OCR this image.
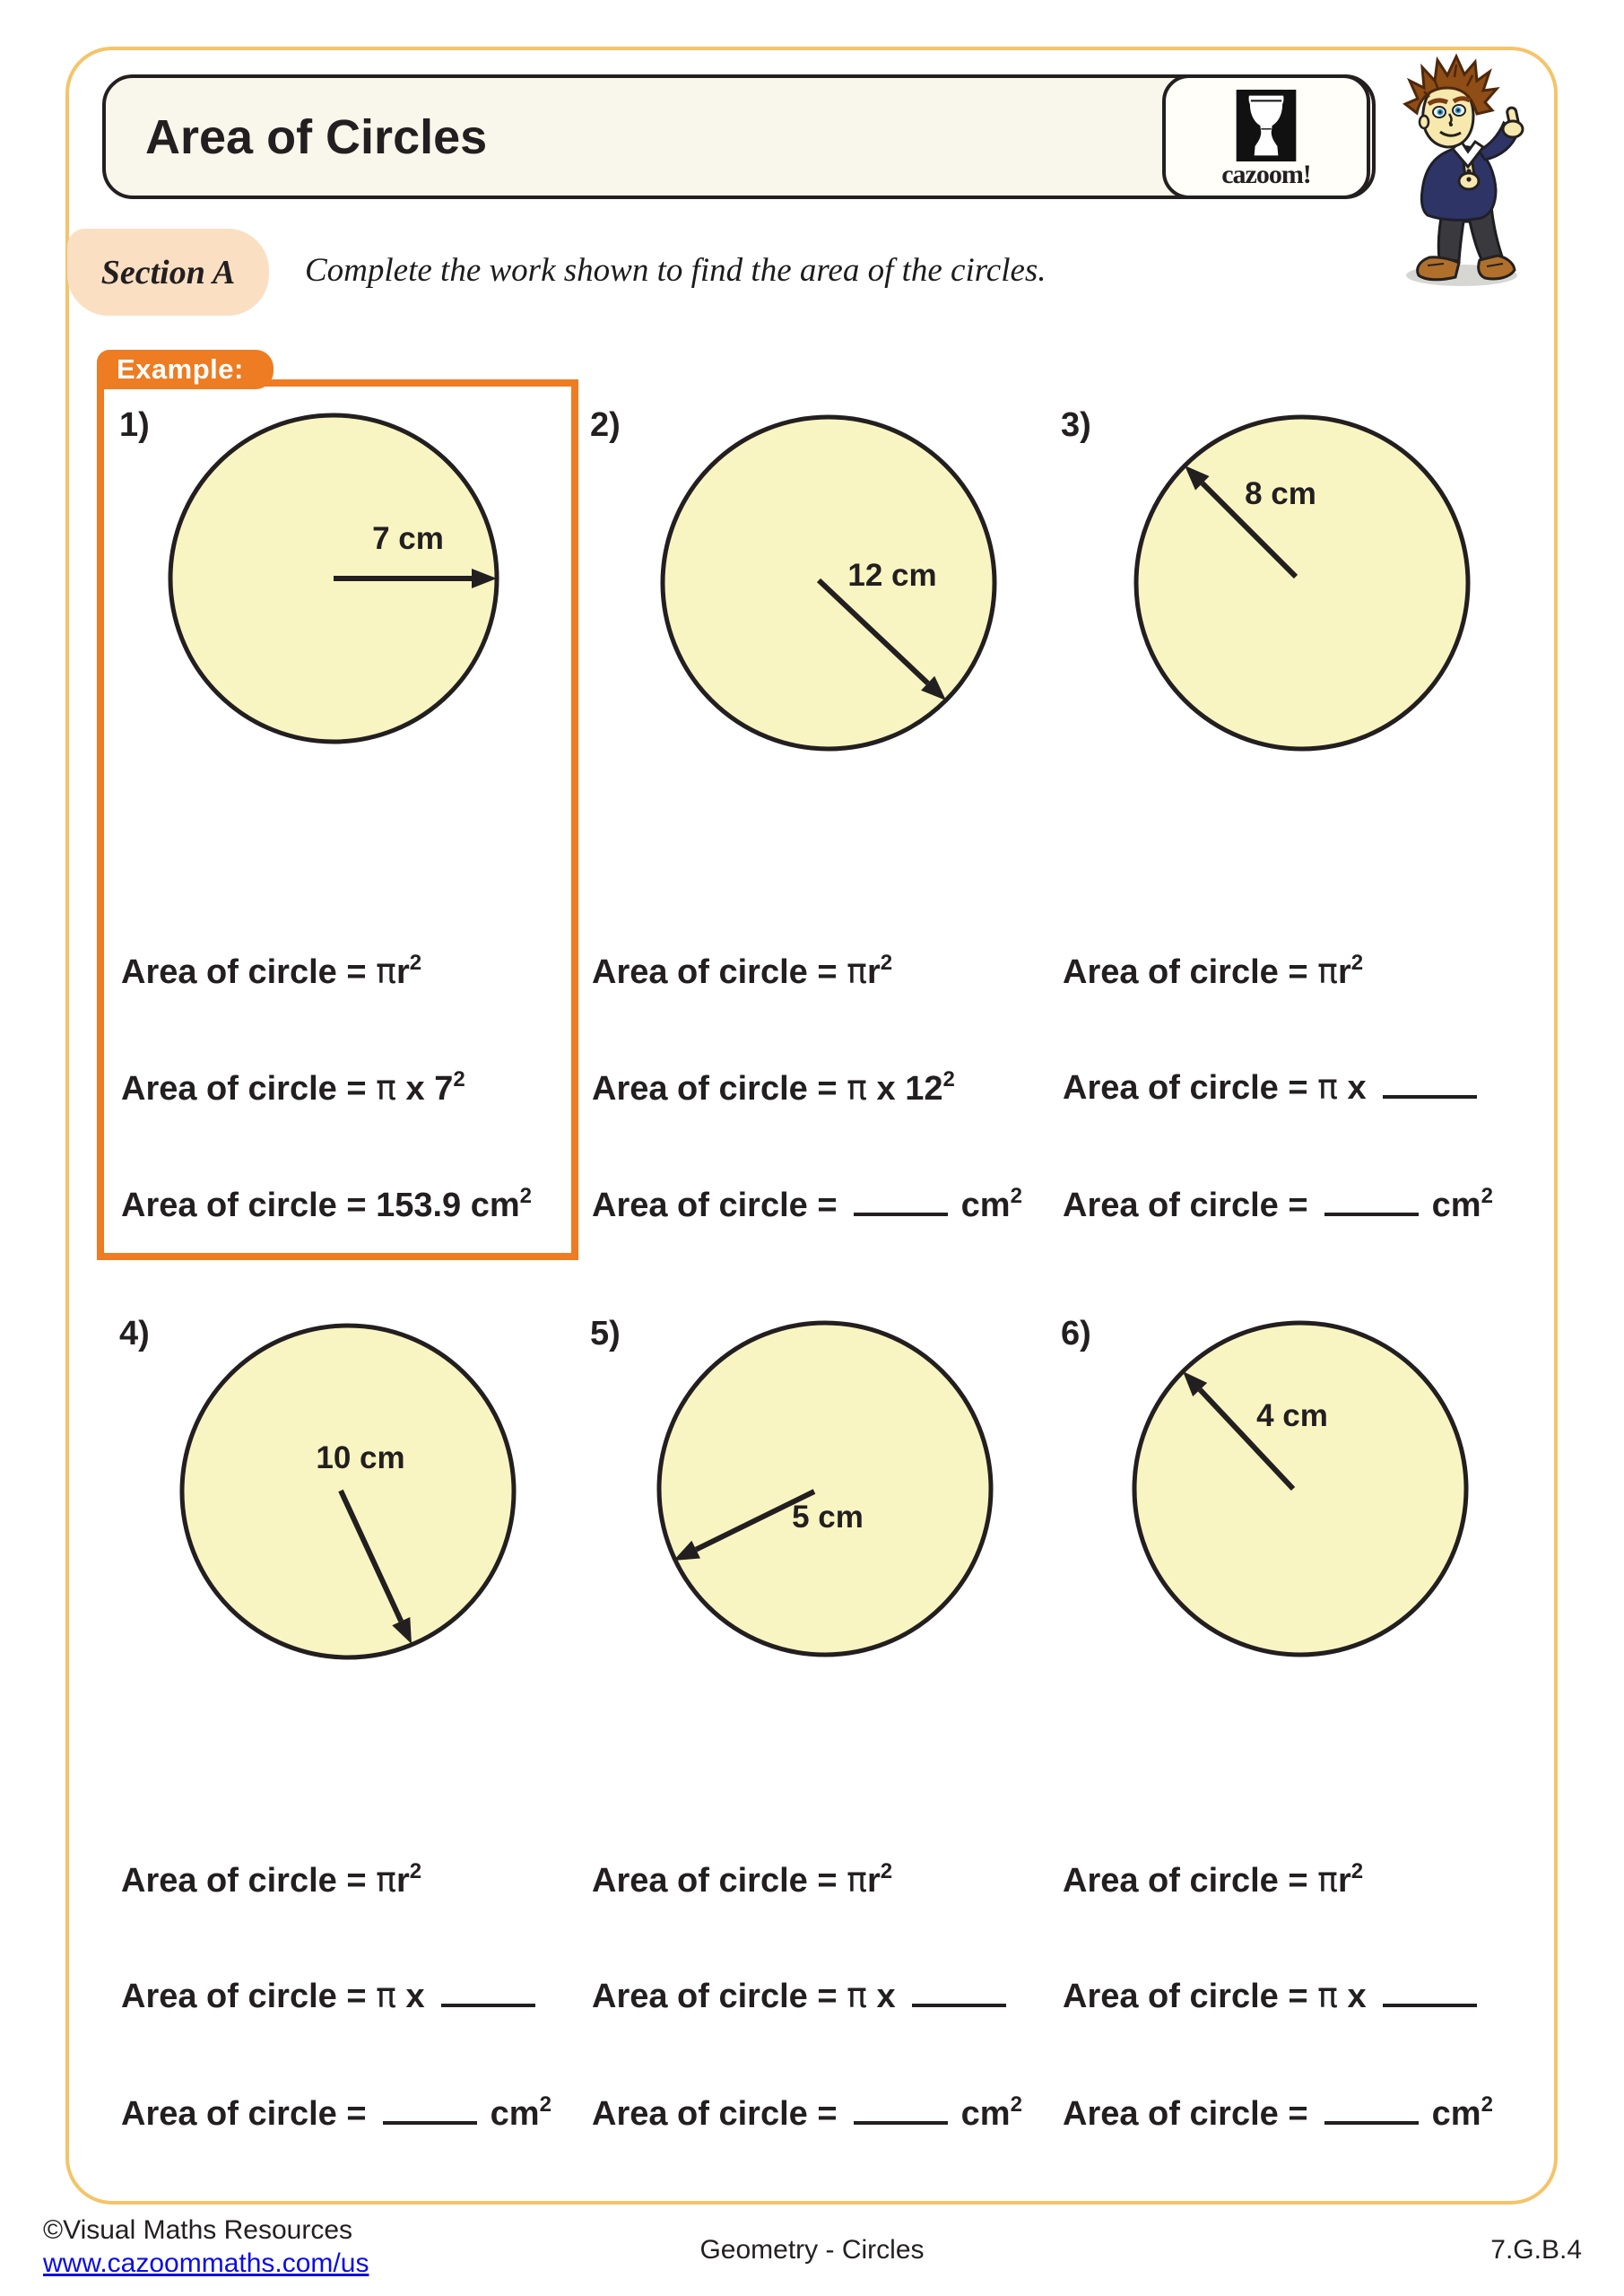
Area of Circles
cazoom!
Section A Complete the work shown to find the area of the circles.
Example:
7 cm
1)
Area of circle = $\pi r^2$
Area of circle = π x $7^2$
Area of circle = 153.9 $cm^2$
12 cm
2)
Area of circle = $\pi r^2$
Area of circle = π x $12^2$
Area of circle =	$cm^2$
8 cm
3)
Area of circle = $\pi r^2$
Area of circle = π x
Area of circle =	$cm^2$
10 cm
4)
Area of circle = $\pi r^2$
Area of circle = π x
Area of circle =	$cm^2$
5 cm
5)
Area of circle = $\pi r^2$
Area of circle = π x
Area of circle =	$cm^2$
4 cm
6)
Area of circle = $\pi r^2$
Area of circle = π x
Area of circle =	$cm^2$
©Visual Maths Resources
www.cazoommaths.com/us	Geometry - Circles	7.G.B.4
